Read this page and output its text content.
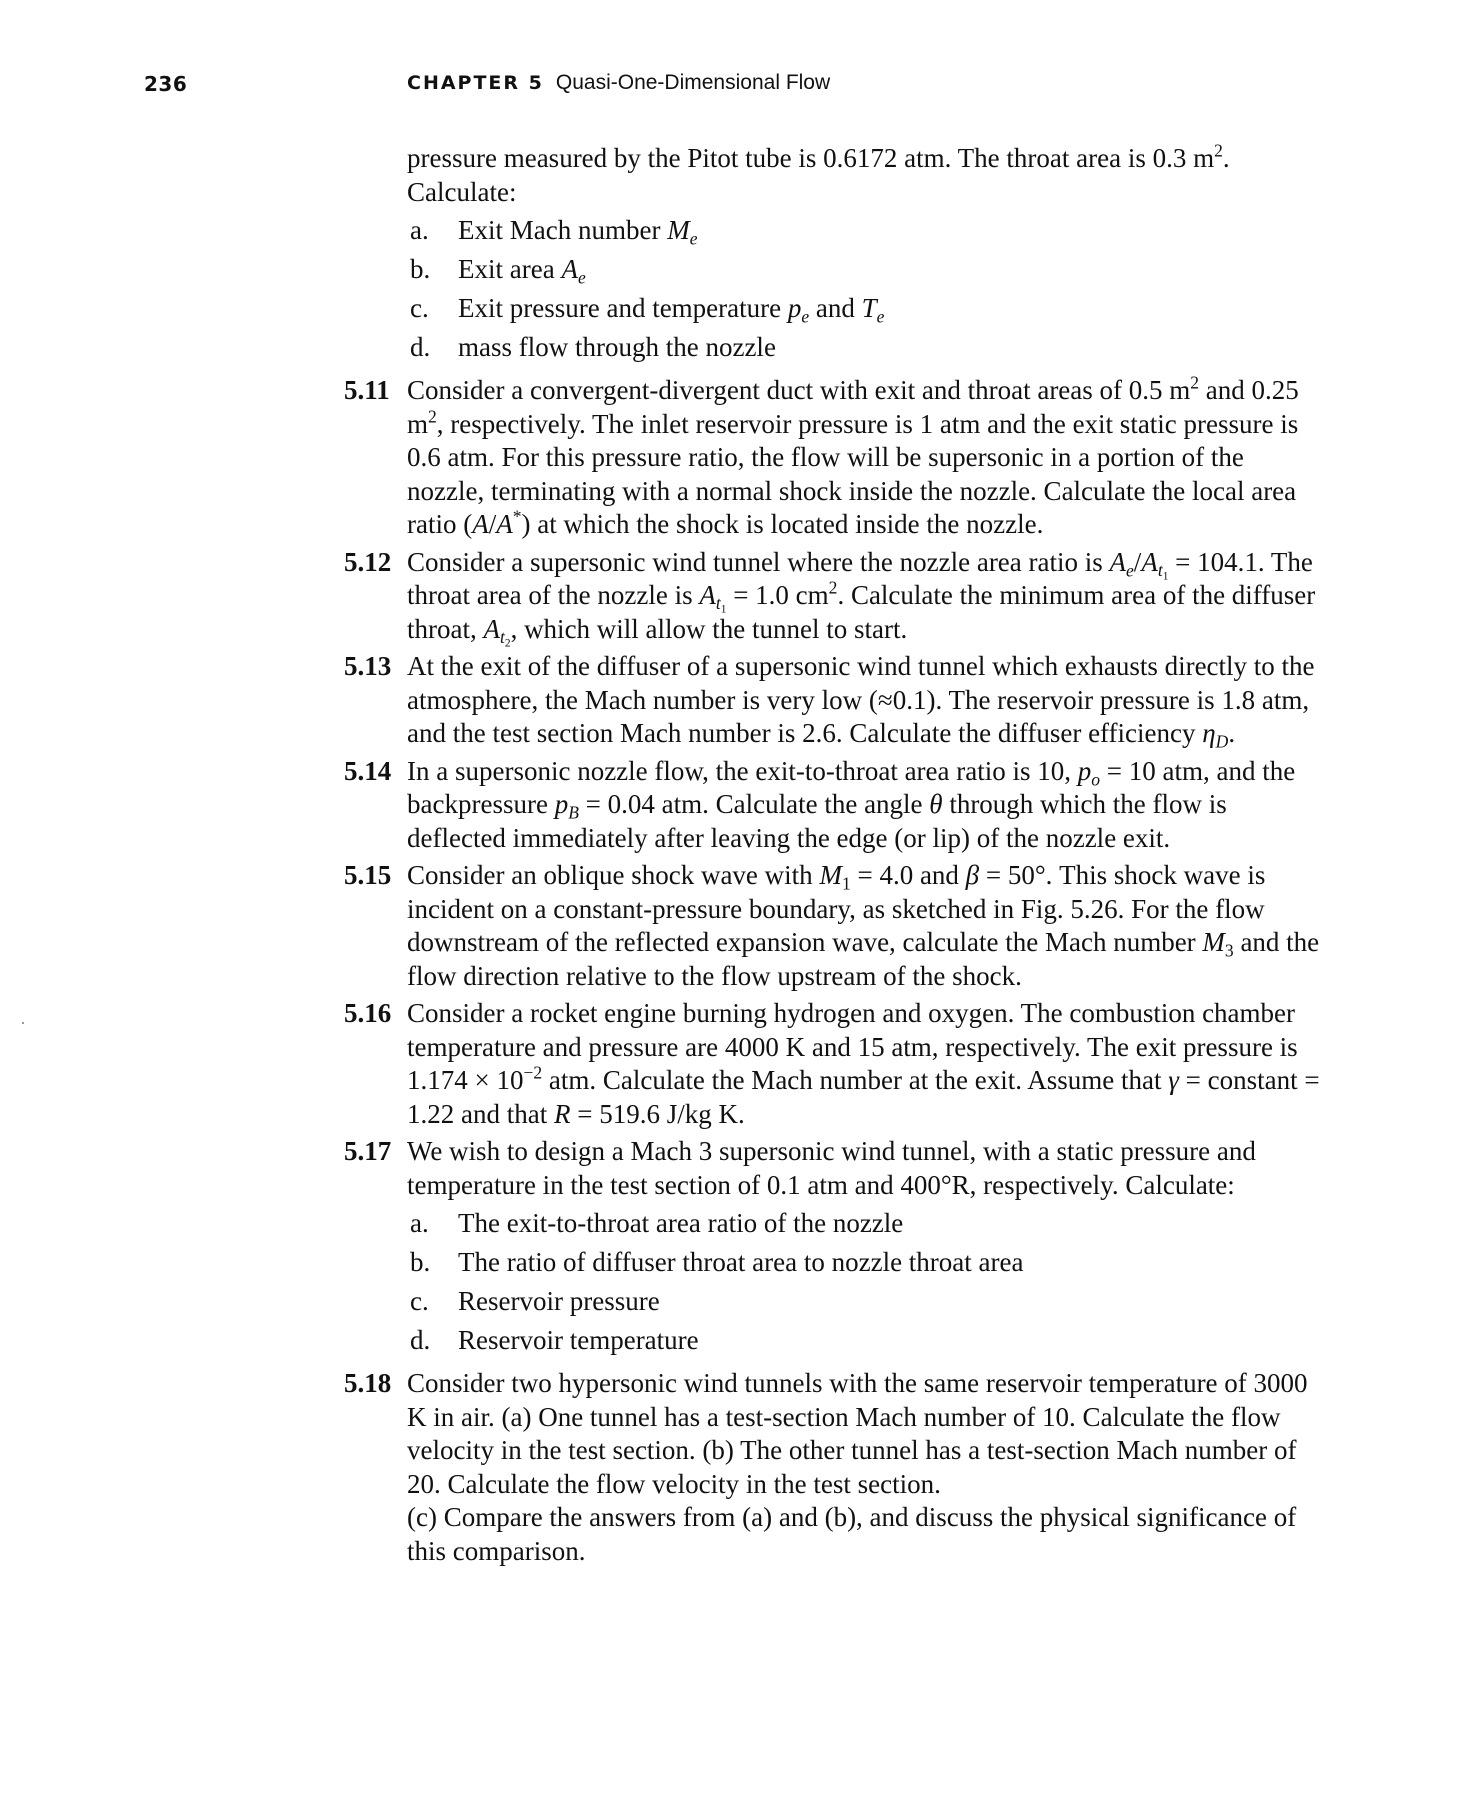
236	CHAPTER 5 Quasi-One-Dimensional Flow

pressure measured by the Pitot tube is 0.6172 atm. The throat area is 0.3 $m^2$.

Calculate:

a. Exit Mach number $M_e$
b. Exit area $A_e$
c. Exit pressure and temperature $p_e$ and $T_e$
d. mass flow through the nozzle
5.11 Consider a convergent-divergent duct with exit and throat areas of 0.5 $m^2$ and 0.25 $m^2$, respectively. The inlet reservoir pressure is 1 atm and the exit static pressure is 0.6 atm. For this pressure ratio, the flow will be supersonic in a portion of the nozzle, terminating with a normal shock inside the nozzle. Calculate the local area ratio (A/A*) at which the shock is located inside the nozzle.
5.12 Consider a supersonic wind tunnel where the nozzle area ratio is $A_e/A_{t_1} = 104.1$. The throat area of the nozzle is $A_{t_1} = 1.0$ $cm^2$. Calculate the minimum area of the diffuser throat, $A_{t_2}$, which will allow the tunnel to start.
5.13 At the exit of the diffuser of a supersonic wind tunnel which exhausts directly to the atmosphere, the Mach number is very low (≈0.1). The reservoir pressure is 1.8 atm, and the test section Mach number is 2.6. Calculate the diffuser efficiency $\eta_D$.
5.14 In a supersonic nozzle flow, the exit-to-throat area ratio is 10, $p_o = 10$ atm, and the backpressure $p_B = 0.04$ atm. Calculate the angle θ through which the flow is deflected immediately after leaving the edge (or lip) of the nozzle exit.
5.15 Consider an oblique shock wave with $M_1 = 4.0$ and β = 50°. This shock wave is incident on a constant-pressure boundary, as sketched in Fig. 5.26. For the flow downstream of the reflected expansion wave, calculate the Mach number $M_3$ and the flow direction relative to the flow upstream of the shock.
5.16 Consider a rocket engine burning hydrogen and oxygen. The combustion chamber temperature and pressure are 4000 K and 15 atm, respectively. The exit pressure is $1.174 \times 10^{-2}$ atm. Calculate the Mach number at the exit. Assume that γ = constant = 1.22 and that R = 519.6 J/kg K.
5.17 We wish to design a Mach 3 supersonic wind tunnel, with a static pressure and temperature in the test section of 0.1 atm and 400°R, respectively. Calculate:
a. The exit-to-throat area ratio of the nozzle
b. The ratio of diffuser throat area to nozzle throat area
c. Reservoir pressure
d. Reservoir temperature
5.18 Consider two hypersonic wind tunnels with the same reservoir temperature of 3000 K in air. (a) One tunnel has a test-section Mach number of 10. Calculate the flow velocity in the test section. (b) The other tunnel has a test-section Mach number of 20. Calculate the flow velocity in the test section.

(c) Compare the answers from (a) and (b), and discuss the physical significance of this comparison.
